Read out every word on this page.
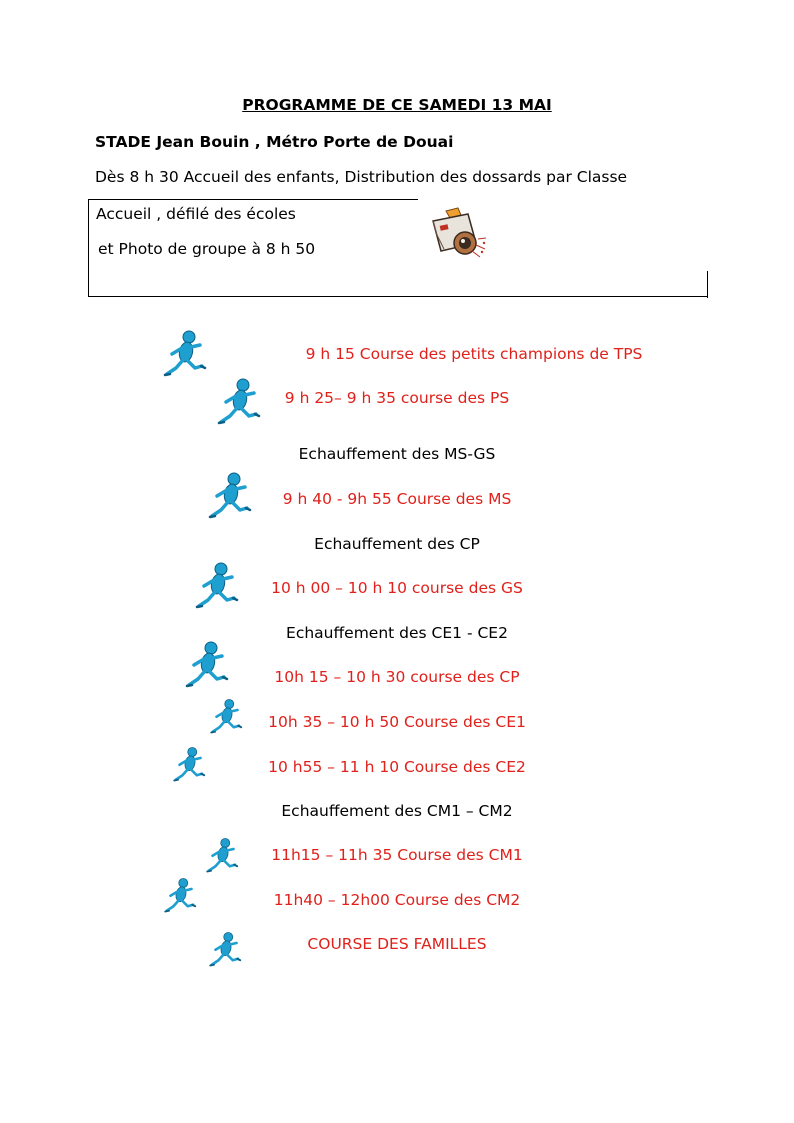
PROGRAMME DE CE SAMEDI 13 MAI
STADE Jean Bouin , Métro Porte de Douai
Dès 8 h 30 Accueil des enfants, Distribution des dossards par Classe
Accueil , défilé des écoles
et Photo de groupe à 8 h 50
9 h 15 Course des petits champions de TPS
9 h 25– 9 h 35 course des PS
Echauffement des MS-GS
9 h 40 - 9h 55 Course des MS
Echauffement des CP
10 h 00 – 10 h 10 course des GS
Echauffement des CE1 - CE2
10h 15 – 10 h 30 course des CP
10h 35 – 10 h 50 Course des CE1
10 h55 – 11 h 10 Course des CE2
Echauffement des CM1 – CM2
11h15 – 11h 35 Course des CM1
11h40 – 12h00 Course des CM2
COURSE DES FAMILLES
